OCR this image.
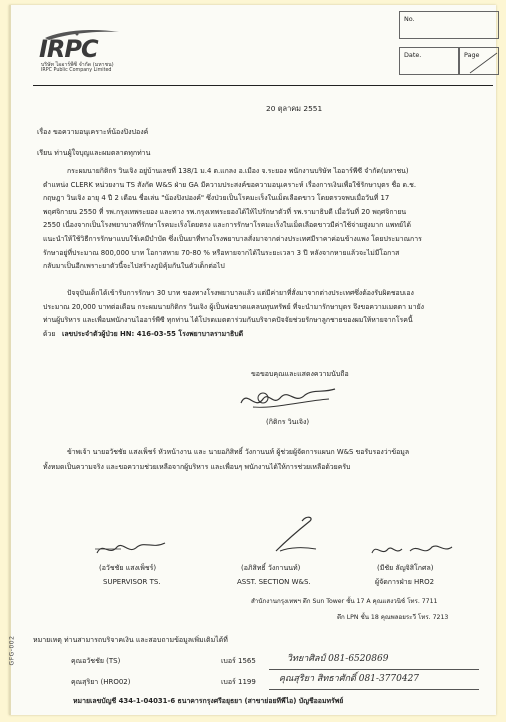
IRPC
บริษัท ไออาร์พีซี จำกัด (มหาชน)
IRPC Public Company Limited
No.
Date.	Page
20 ตุลาคม 2551
เรื่อง ขอความอนุเคราะห์น้องปิงปองค์
เรียน ท่านผู้ใจบุญและผมตลาดทุกท่าน
กระผมนายกิติกร วินเจิง อยู่บ้านเลขที่ 138/1 ม.4 ต.แกลง อ.เมือง จ.ระยอง พนักงานบริษัท ไออาร์พีซี จำกัด(มหาชน)
ตำแหน่ง CLERK หน่วยงาน TS สังกัด W&S ฝ่าย GA มีความประสงค์ขอความอนุเคราะห์ เรื่องการเงินเพื่อใช้รักษาบุตร ชื่อ ด.ช.
กฤษฎา วินเจิง อายุ 4 ปี 2 เดือน ชื่อเล่น "น้องปิงปองค์" ซึ่งป่วยเป็นโรคมะเร็งในเม็ดเลือดขาว โดยตรวจพบเมื่อวันที่ 17
พฤศจิกายน 2550 ที่ รพ.กรุงเทพระยอง และทาง รพ.กรุงเทพระยองได้ให้ไปรักษาตัวที่ รพ.รามาธิบดี เมื่อวันที่ 20 พฤศจิกายน
2550 เนื่องจากเป็นโรงพยาบาลที่รักษาโรคมะเร็งโดยตรง และการรักษาโรคมะเร็งในเม็ดเลือดขาวมีค่าใช้จ่ายสูงมาก แพทย์ได้
แนะนำให้ใช้วิธีการรักษาแบบใช้เคมีบำบัด ซึ่งเป็นยาที่ทางโรงพยาบาลสั่งมาจากต่างประเทศมีราคาค่อนข้างแพง โดยประมาณการ
รักษาอยู่ที่ประมาณ 800,000 บาท โอกาสหาย 70-80 % หรือหายจากได้ในระยะเวลา 3 ปี หลังจากหายแล้วจะไม่มีโอกาส
กลับมาเป็นอีกเพราะยาตัวนี้จะไปสร้างภูมิคุ้มกันในตัวเด็กต่อไป
ปัจจุบันเด็กได้เข้ารับการรักษา 30 บาท ของทางโรงพยาบาลแล้ว แต่มีค่ายาที่สั่งมาจากต่างประเทศซึ่งต้องรับผิดชอบเอง
ประมาณ 20,000 บาทต่อเดือน กระผมนายกิติกร วินเจิง ผู้เป็นพ่อขาดแคลนทุนทรัพย์ ที่จะนำมารักษาบุตร จึงขอความเมตตา มายัง
ท่านผู้บริหาร และเพื่อนพนักงานไออาร์พีซี ทุกท่าน ได้โปรดเมตตาร่วมกันบริจาคปัจจัยช่วยรักษาลูกชายของผมให้หายจากโรคนี้
ด้วย เลขประจำตัวผู้ป่วย HN: 416-03-55 โรงพยาบาลรามาธิบดี
ขอขอบคุณและแสดงความนับถือ
(กิติกร วินเจิง)
ข้าพเจ้า นายอวัชชัย แสงเพ็ชร์ หัวหน้างาน และ นายอภิสิทธิ์ วังกานนท์ ผู้ช่วยผู้จัดการแผนก W&S ขอรับรองว่าข้อมูล
ทั้งหมดเป็นความจริง และขอความช่วยเหลือจากผู้บริหาร และเพื่อนๆ พนักงานได้ให้การช่วยเหลือด้วยครับ
(อวัชชัย แสงเพ็ชร์)	(อภิสิทธิ์ วังกานนท์)	(มีชัย ลัญจิสิโกศล)
SUPERVISOR TS.	ASST. SECTION W&S.	ผู้จัดการฝ่าย HRO2
สำนักงานกรุงเทพฯ ตึก Sun Tower ชั้น 17 A คุณแสงวนิช์ โทร. 7711
ตึก LPN ชั้น 18 คุณพลอยระวี โทร. 7213
หมายเหตุ ท่านสามารถบริจาคเงิน และสอบถามข้อมูลเพิ่มเติมได้ที่
คุณอวัชชัย (TS)	เบอร์ 1565	วิทยาศิลป์ 081-6520869
คุณสุริยา (HRO02)	เบอร์ 1199	คุณสุริยา สิทธาศักดิ์ 081-3770427
หมายเลขบัญชี 434-1-04031-6 ธนาคารกรุงศรีอยุธยา (สาขาย่อยทีพีไอ) บัญชีออมทรัพย์
GFG-002
